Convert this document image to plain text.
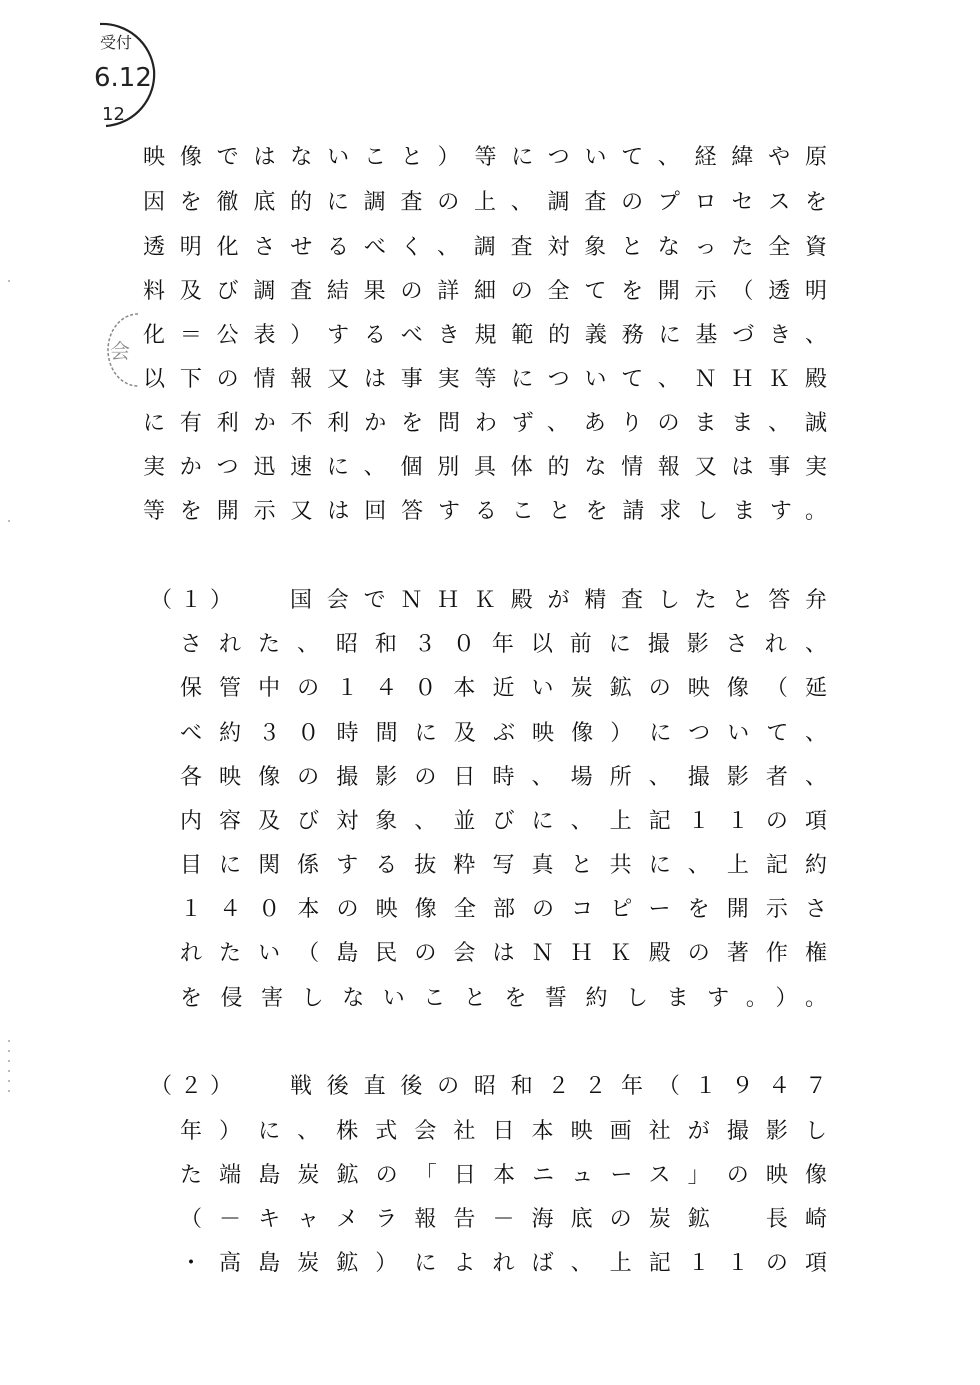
受付
6.12
12
会
映像ではないこと）等について、経緯や原
因を徹底的に調査の上、調査のプロセスを
透明化させるべく、調査対象となった全資
料及び調査結果の詳細の全てを開示（透明
化＝公表）するべき規範的義務に基づき、
以下の情報又は事実等について、ＮＨＫ殿
に有利か不利かを問わず、ありのまま、誠
実かつ迅速に、個別具体的な情報又は事実
等を開示又は回答することを請求します。
（１）	国会でＮＨＫ殿が精査したと答弁
された、昭和３０年以前に撮影され、
保管中の１４０本近い炭鉱の映像（延
べ約３０時間に及ぶ映像）について、
各映像の撮影の日時、場所、撮影者、
内容及び対象、並びに、上記１１の項
目に関係する抜粋写真と共に、上記約
１４０本の映像全部のコピーを開示さ
れたい（島民の会はＮＨＫ殿の著作権
を侵害しないことを誓約します。）。
（２）	戦後直後の昭和２２年（１９４７
年）に、株式会社日本映画社が撮影し
た端島炭鉱の「日本ニュース」の映像
（－キャメラ報告－海底の炭鉱　長崎
・高島炭鉱）によれば、上記１１の項
